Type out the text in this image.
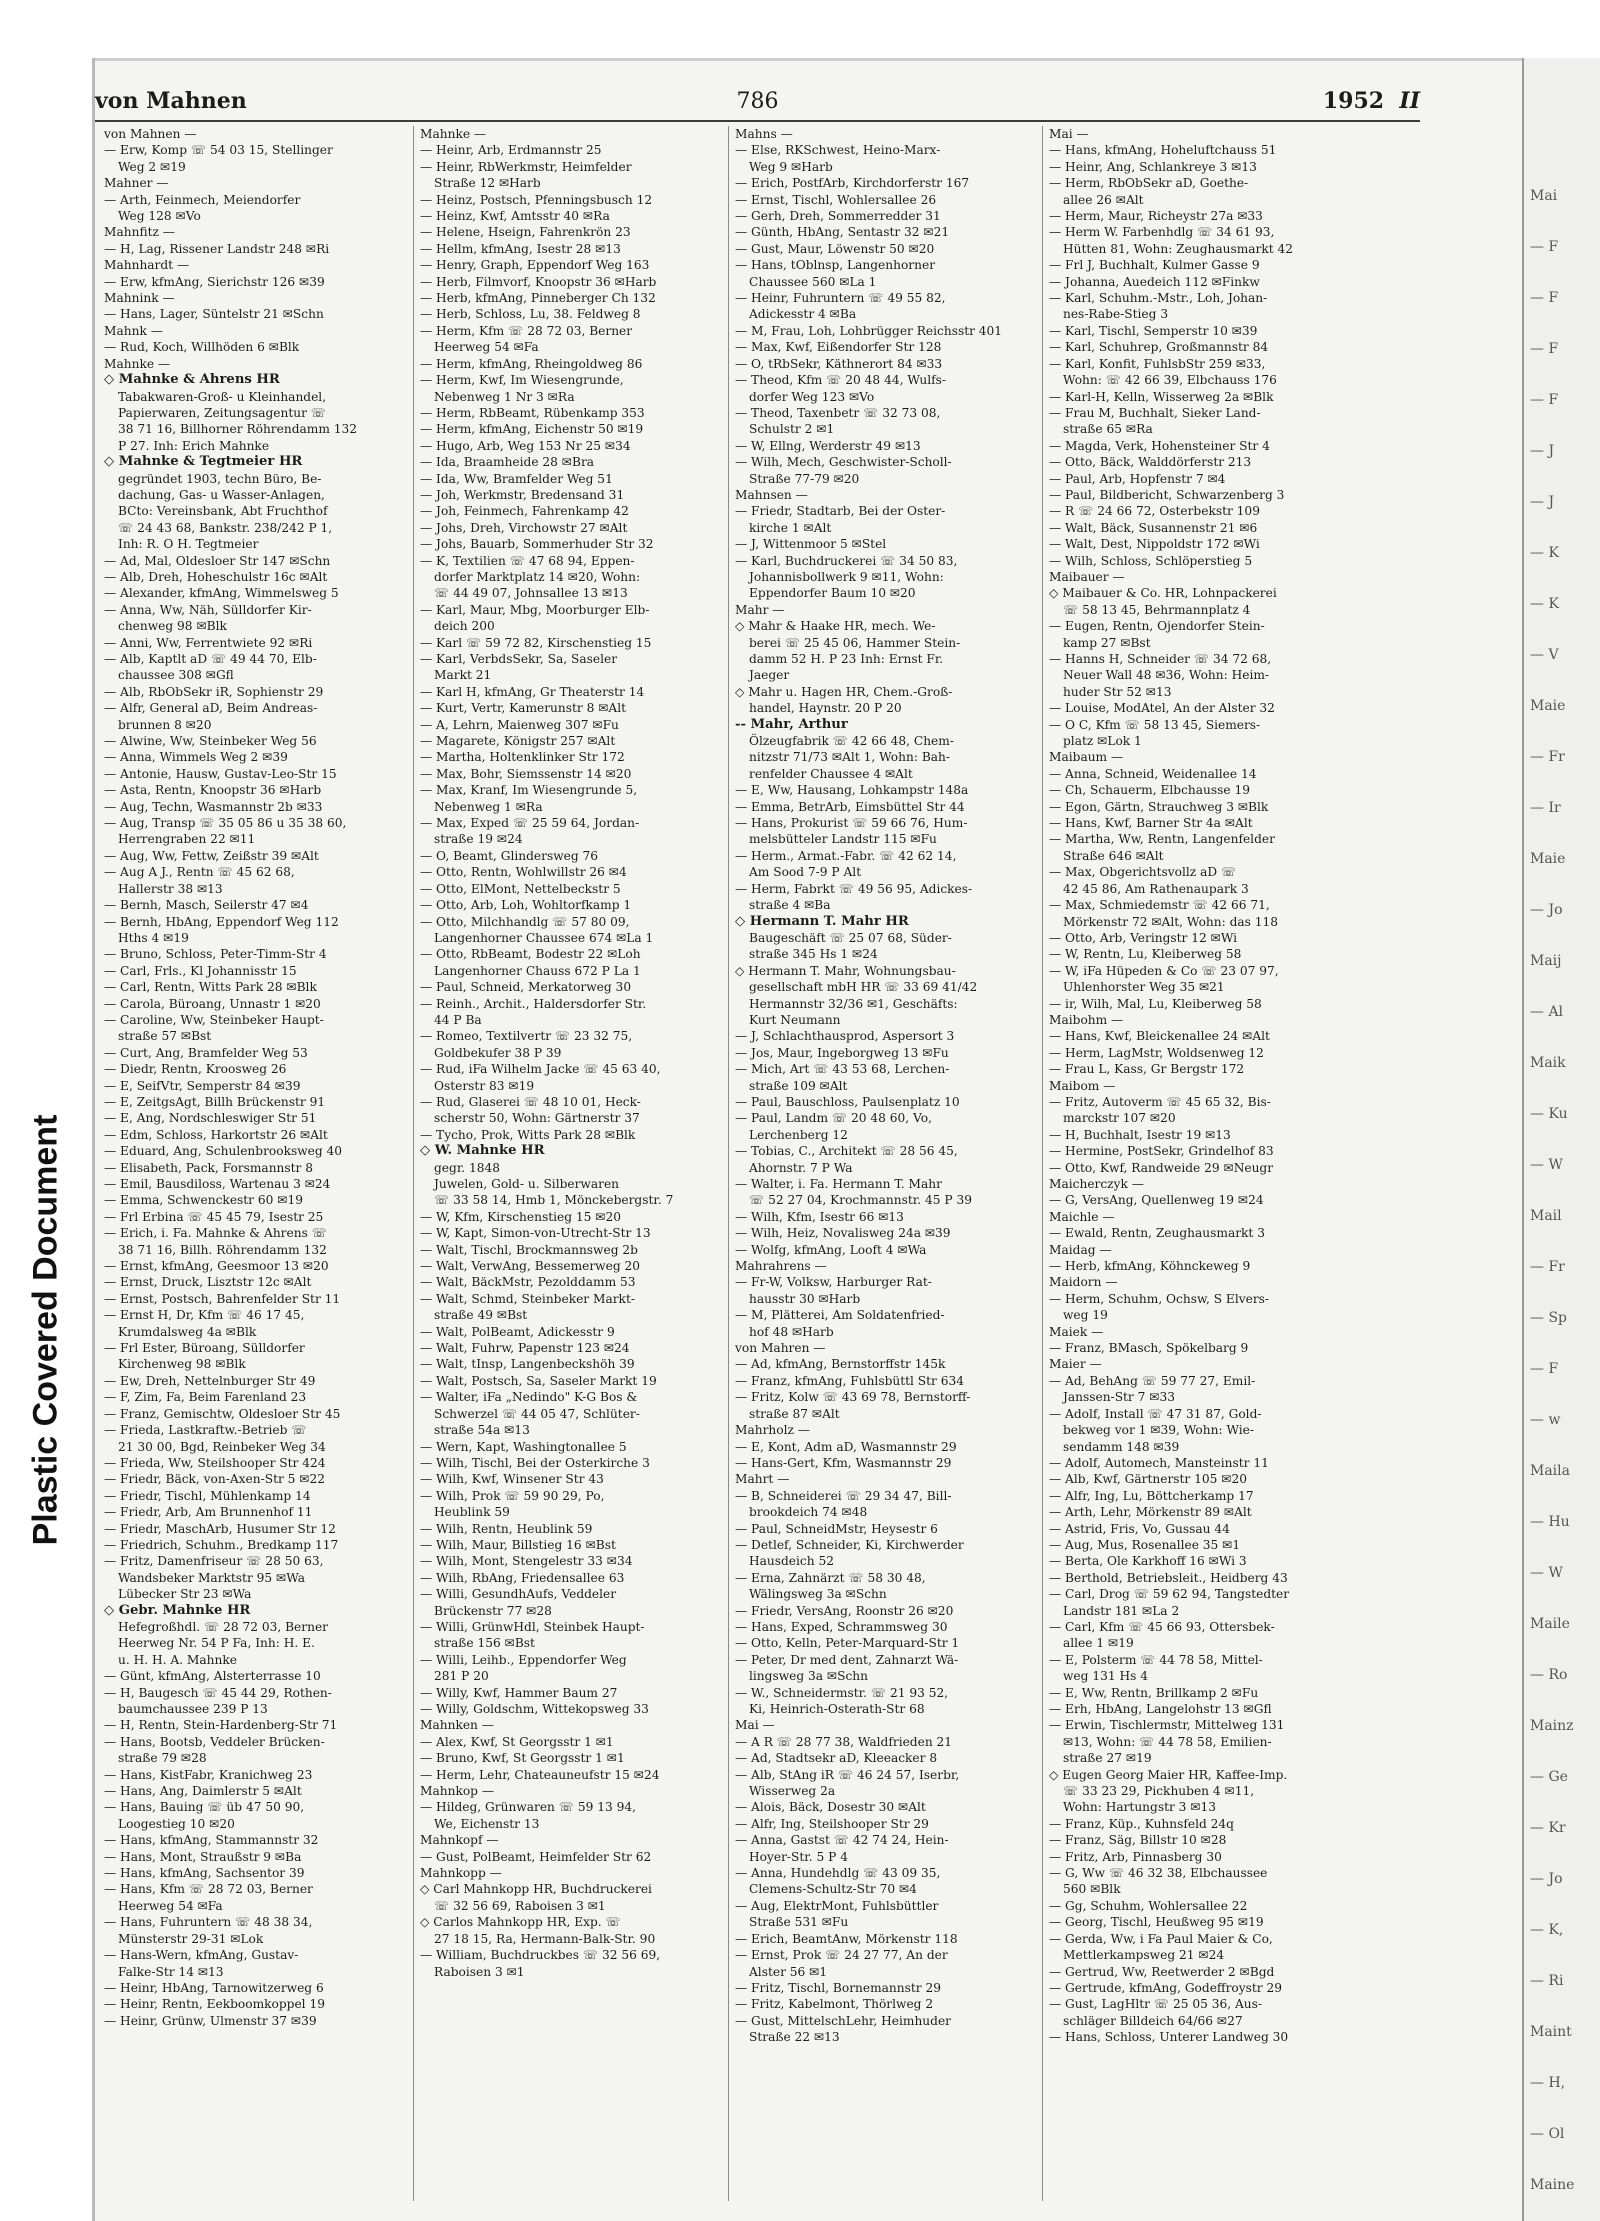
Plastic Covered Document
Mai
— F
— F
— F
— F
— J
— J
— K
— K
— V
Maie
— Fr
— Ir
Maie
— Jo
Maij
— Al
Maik
— Ku
— W
Mail
— Fr
— Sp
— F
— w
Maila
— Hu
— W
Maile
— Ro
Mainz
— Ge
— Kr
— Jo
— K,
— Ri
Maint
— H,
— Ol
Maine
von Mahnen	786	1952 II
von Mahnen —
— Erw, Komp ☏ 54 03 15, Stellinger
Weg 2 ✉19
Mahner —
— Arth, Feinmech, Meiendorfer
Weg 128 ✉Vo
Mahnfitz —
— H, Lag, Rissener Landstr 248 ✉Ri
Mahnhardt —
— Erw, kfmAng, Sierichstr 126 ✉39
Mahnink —
— Hans, Lager, Süntelstr 21 ✉Schn
Mahnk —
— Rud, Koch, Willhöden 6 ✉Blk
Mahnke —
◇ Mahnke & Ahrens HR
Tabakwaren-Groß- u Kleinhandel,
Papierwaren, Zeitungsagentur ☏
38 71 16, Billhorner Röhrendamm 132
P 27. Inh: Erich Mahnke
◇ Mahnke & Tegtmeier HR
gegründet 1903, techn Büro, Be-
dachung, Gas- u Wasser-Anlagen,
BCto: Vereinsbank, Abt Fruchthof
☏ 24 43 68, Bankstr. 238/242 P 1,
Inh: R. O H. Tegtmeier
— Ad, Mal, Oldesloer Str 147 ✉Schn
— Alb, Dreh, Hoheschulstr 16c ✉Alt
— Alexander, kfmAng, Wimmelsweg 5
— Anna, Ww, Näh, Sülldorfer Kir-
chenweg 98 ✉Blk
— Anni, Ww, Ferrentwiete 92 ✉Ri
— Alb, Kaptlt aD ☏ 49 44 70, Elb-
chaussee 308 ✉Gfl
— Alb, RbObSekr iR, Sophienstr 29
— Alfr, General aD, Beim Andreas-
brunnen 8 ✉20
— Alwine, Ww, Steinbeker Weg 56
— Anna, Wimmels Weg 2 ✉39
— Antonie, Hausw, Gustav-Leo-Str 15
— Asta, Rentn, Knoopstr 36 ✉Harb
— Aug, Techn, Wasmannstr 2b ✉33
— Aug, Transp ☏ 35 05 86 u 35 38 60,
Herrengraben 22 ✉11
— Aug, Ww, Fettw, Zeißstr 39 ✉Alt
— Aug A J., Rentn ☏ 45 62 68,
Hallerstr 38 ✉13
— Bernh, Masch, Seilerstr 47 ✉4
— Bernh, HbAng, Eppendorf Weg 112
Hths 4 ✉19
— Bruno, Schloss, Peter-Timm-Str 4
— Carl, Frls., Kl Johannisstr 15
— Carl, Rentn, Witts Park 28 ✉Blk
— Carola, Büroang, Unnastr 1 ✉20
— Caroline, Ww, Steinbeker Haupt-
straße 57 ✉Bst
— Curt, Ang, Bramfelder Weg 53
— Diedr, Rentn, Kroosweg 26
— E, SeifVtr, Semperstr 84 ✉39
— E, ZeitgsAgt, Billh Brückenstr 91
— E, Ang, Nordschleswiger Str 51
— Edm, Schloss, Harkortstr 26 ✉Alt
— Eduard, Ang, Schulenbrooksweg 40
— Elisabeth, Pack, Forsmannstr 8
— Emil, Bausdiloss, Wartenau 3 ✉24
— Emma, Schwenckestr 60 ✉19
— Frl Erbina ☏ 45 45 79, Isestr 25
— Erich, i. Fa. Mahnke & Ahrens ☏
38 71 16, Billh. Röhrendamm 132
— Ernst, kfmAng, Geesmoor 13 ✉20
— Ernst, Druck, Lisztstr 12c ✉Alt
— Ernst, Postsch, Bahrenfelder Str 11
— Ernst H, Dr, Kfm ☏ 46 17 45,
Krumdalsweg 4a ✉Blk
— Frl Ester, Büroang, Sülldorfer
Kirchenweg 98 ✉Blk
— Ew, Dreh, Nettelnburger Str 49
— F, Zim, Fa, Beim Farenland 23
— Franz, Gemischtw, Oldesloer Str 45
— Frieda, Lastkraftw.-Betrieb ☏
21 30 00, Bgd, Reinbeker Weg 34
— Frieda, Ww, Steilshooper Str 424
— Friedr, Bäck, von-Axen-Str 5 ✉22
— Friedr, Tischl, Mühlenkamp 14
— Friedr, Arb, Am Brunnenhof 11
— Friedr, MaschArb, Husumer Str 12
— Friedrich, Schuhm., Bredkamp 117
— Fritz, Damenfriseur ☏ 28 50 63,
Wandsbeker Marktstr 95 ✉Wa
Lübecker Str 23 ✉Wa
◇ Gebr. Mahnke HR
Hefegroßhdl. ☏ 28 72 03, Berner
Heerweg Nr. 54 P Fa, Inh: H. E.
u. H. H. A. Mahnke
— Günt, kfmAng, Alsterterrasse 10
— H, Baugesch ☏ 45 44 29, Rothen-
baumchaussee 239 P 13
— H, Rentn, Stein-Hardenberg-Str 71
— Hans, Bootsb, Veddeler Brücken-
straße 79 ✉28
— Hans, KistFabr, Kranichweg 23
— Hans, Ang, Daimlerstr 5 ✉Alt
— Hans, Bauing ☏ üb 47 50 90,
Loogestieg 10 ✉20
— Hans, kfmAng, Stammannstr 32
— Hans, Mont, Straußstr 9 ✉Ba
— Hans, kfmAng, Sachsentor 39
— Hans, Kfm ☏ 28 72 03, Berner
Heerweg 54 ✉Fa
— Hans, Fuhruntern ☏ 48 38 34,
Münsterstr 29-31 ✉Lok
— Hans-Wern, kfmAng, Gustav-
Falke-Str 14 ✉13
— Heinr, HbAng, Tarnowitzerweg 6
— Heinr, Rentn, Eekboomkoppel 19
— Heinr, Grünw, Ulmenstr 37 ✉39
Mahnke —
— Heinr, Arb, Erdmannstr 25
— Heinr, RbWerkmstr, Heimfelder
Straße 12 ✉Harb
— Heinz, Postsch, Pfenningsbusch 12
— Heinz, Kwf, Amtsstr 40 ✉Ra
— Helene, Hseign, Fahrenkrön 23
— Hellm, kfmAng, Isestr 28 ✉13
— Henry, Graph, Eppendorf Weg 163
— Herb, Filmvorf, Knoopstr 36 ✉Harb
— Herb, kfmAng, Pinneberger Ch 132
— Herb, Schloss, Lu, 38. Feldweg 8
— Herm, Kfm ☏ 28 72 03, Berner
Heerweg 54 ✉Fa
— Herm, kfmAng, Rheingoldweg 86
— Herm, Kwf, Im Wiesengrunde,
Nebenweg 1 Nr 3 ✉Ra
— Herm, RbBeamt, Rübenkamp 353
— Herm, kfmAng, Eichenstr 50 ✉19
— Hugo, Arb, Weg 153 Nr 25 ✉34
— Ida, Braamheide 28 ✉Bra
— Ida, Ww, Bramfelder Weg 51
— Joh, Werkmstr, Bredensand 31
— Joh, Feinmech, Fahrenkamp 42
— Johs, Dreh, Virchowstr 27 ✉Alt
— Johs, Bauarb, Sommerhuder Str 32
— K, Textilien ☏ 47 68 94, Eppen-
dorfer Marktplatz 14 ✉20, Wohn:
☏ 44 49 07, Johnsallee 13 ✉13
— Karl, Maur, Mbg, Moorburger Elb-
deich 200
— Karl ☏ 59 72 82, Kirschenstieg 15
— Karl, VerbdsSekr, Sa, Saseler
Markt 21
— Karl H, kfmAng, Gr Theaterstr 14
— Kurt, Vertr, Kamerunstr 8 ✉Alt
— A, Lehrn, Maienweg 307 ✉Fu
— Magarete, Königstr 257 ✉Alt
— Martha, Holtenklinker Str 172
— Max, Bohr, Siemssenstr 14 ✉20
— Max, Kranf, Im Wiesengrunde 5,
Nebenweg 1 ✉Ra
— Max, Exped ☏ 25 59 64, Jordan-
straße 19 ✉24
— O, Beamt, Glindersweg 76
— Otto, Rentn, Wohlwillstr 26 ✉4
— Otto, ElMont, Nettelbeckstr 5
— Otto, Arb, Loh, Wohltorfkamp 1
— Otto, Milchhandlg ☏ 57 80 09,
Langenhorner Chaussee 674 ✉La 1
— Otto, RbBeamt, Bodestr 22 ✉Loh
Langenhorner Chauss 672 P La 1
— Paul, Schneid, Merkatorweg 30
— Reinh., Archit., Haldersdorfer Str.
44 P Ba
— Romeo, Textilvertr ☏ 23 32 75,
Goldbekufer 38 P 39
— Rud, iFa Wilhelm Jacke ☏ 45 63 40,
Osterstr 83 ✉19
— Rud, Glaserei ☏ 48 10 01, Heck-
scherstr 50, Wohn: Gärtnerstr 37
— Tycho, Prok, Witts Park 28 ✉Blk
◇ W. Mahnke HR
gegr. 1848
Juwelen, Gold- u. Silberwaren
☏ 33 58 14, Hmb 1, Mönckebergstr. 7
— W, Kfm, Kirschenstieg 15 ✉20
— W, Kapt, Simon-von-Utrecht-Str 13
— Walt, Tischl, Brockmannsweg 2b
— Walt, VerwAng, Bessemerweg 20
— Walt, BäckMstr, Pezolddamm 53
— Walt, Schmd, Steinbeker Markt-
straße 49 ✉Bst
— Walt, PolBeamt, Adickesstr 9
— Walt, Fuhrw, Papenstr 123 ✉24
— Walt, tInsp, Langenbeckshöh 39
— Walt, Postsch, Sa, Saseler Markt 19
— Walter, iFa „Nedindo" K-G Bos &
Schwerzel ☏ 44 05 47, Schlüter-
straße 54a ✉13
— Wern, Kapt, Washingtonallee 5
— Wilh, Tischl, Bei der Osterkirche 3
— Wilh, Kwf, Winsener Str 43
— Wilh, Prok ☏ 59 90 29, Po,
Heublink 59
— Wilh, Rentn, Heublink 59
— Wilh, Maur, Billstieg 16 ✉Bst
— Wilh, Mont, Stengelestr 33 ✉34
— Wilh, RbAng, Friedensallee 63
— Willi, GesundhAufs, Veddeler
Brückenstr 77 ✉28
— Willi, GrünwHdl, Steinbek Haupt-
straße 156 ✉Bst
— Willi, Leihb., Eppendorfer Weg
281 P 20
— Willy, Kwf, Hammer Baum 27
— Willy, Goldschm, Wittekopsweg 33
Mahnken —
— Alex, Kwf, St Georgsstr 1 ✉1
— Bruno, Kwf, St Georgsstr 1 ✉1
— Herm, Lehr, Chateauneufstr 15 ✉24
Mahnkop —
— Hildeg, Grünwaren ☏ 59 13 94,
We, Eichenstr 13
Mahnkopf —
— Gust, PolBeamt, Heimfelder Str 62
Mahnkopp —
◇ Carl Mahnkopp HR, Buchdruckerei
☏ 32 56 69, Raboisen 3 ✉1
◇ Carlos Mahnkopp HR, Exp. ☏
27 18 15, Ra, Hermann-Balk-Str. 90
— William, Buchdruckbes ☏ 32 56 69,
Raboisen 3 ✉1
Mahns —
— Else, RKSchwest, Heino-Marx-
Weg 9 ✉Harb
— Erich, PostfArb, Kirchdorferstr 167
— Ernst, Tischl, Wohlersallee 26
— Gerh, Dreh, Sommerredder 31
— Günth, HbAng, Sentastr 32 ✉21
— Gust, Maur, Löwenstr 50 ✉20
— Hans, tOblnsp, Langenhorner
Chaussee 560 ✉La 1
— Heinr, Fuhruntern ☏ 49 55 82,
Adickesstr 4 ✉Ba
— M, Frau, Loh, Lohbrügger Reichsstr 401
— Max, Kwf, Eißendorfer Str 128
— O, tRbSekr, Käthnerort 84 ✉33
— Theod, Kfm ☏ 20 48 44, Wulfs-
dorfer Weg 123 ✉Vo
— Theod, Taxenbetr ☏ 32 73 08,
Schulstr 2 ✉1
— W, Ellng, Werderstr 49 ✉13
— Wilh, Mech, Geschwister-Scholl-
Straße 77-79 ✉20
Mahnsen —
— Friedr, Stadtarb, Bei der Oster-
kirche 1 ✉Alt
— J, Wittenmoor 5 ✉Stel
— Karl, Buchdruckerei ☏ 34 50 83,
Johannisbollwerk 9 ✉11, Wohn:
Eppendorfer Baum 10 ✉20
Mahr —
◇ Mahr & Haake HR, mech. We-
berei ☏ 25 45 06, Hammer Stein-
damm 52 H. P 23 Inh: Ernst Fr.
Jaeger
◇ Mahr u. Hagen HR, Chem.-Groß-
handel, Haynstr. 20 P 20
-- Mahr, Arthur
Ölzeugfabrik ☏ 42 66 48, Chem-
nitzstr 71/73 ✉Alt 1, Wohn: Bah-
renfelder Chaussee 4 ✉Alt
— E, Ww, Hausang, Lohkampstr 148a
— Emma, BetrArb, Eimsbüttel Str 44
— Hans, Prokurist ☏ 59 66 76, Hum-
melsbütteler Landstr 115 ✉Fu
— Herm., Armat.-Fabr. ☏ 42 62 14,
Am Sood 7-9 P Alt
— Herm, Fabrkt ☏ 49 56 95, Adickes-
straße 4 ✉Ba
◇ Hermann T. Mahr HR
Baugeschäft ☏ 25 07 68, Süder-
straße 345 Hs 1 ✉24
◇ Hermann T. Mahr, Wohnungsbau-
gesellschaft mbH HR ☏ 33 69 41/42
Hermannstr 32/36 ✉1, Geschäfts:
Kurt Neumann
— J, Schlachthausprod, Aspersort 3
— Jos, Maur, Ingeborgweg 13 ✉Fu
— Mich, Art ☏ 43 53 68, Lerchen-
straße 109 ✉Alt
— Paul, Bauschloss, Paulsenplatz 10
— Paul, Landm ☏ 20 48 60, Vo,
Lerchenberg 12
— Tobias, C., Architekt ☏ 28 56 45,
Ahornstr. 7 P Wa
— Walter, i. Fa. Hermann T. Mahr
☏ 52 27 04, Krochmannstr. 45 P 39
— Wilh, Kfm, Isestr 66 ✉13
— Wilh, Heiz, Novalisweg 24a ✉39
— Wolfg, kfmAng, Looft 4 ✉Wa
Mahrahrens —
— Fr-W, Volksw, Harburger Rat-
hausstr 30 ✉Harb
— M, Plätterei, Am Soldatenfried-
hof 48 ✉Harb
von Mahren —
— Ad, kfmAng, Bernstorffstr 145k
— Franz, kfmAng, Fuhlsbüttl Str 634
— Fritz, Kolw ☏ 43 69 78, Bernstorff-
straße 87 ✉Alt
Mahrholz —
— E, Kont, Adm aD, Wasmannstr 29
— Hans-Gert, Kfm, Wasmannstr 29
Mahrt —
— B, Schneiderei ☏ 29 34 47, Bill-
brookdeich 74 ✉48
— Paul, SchneidMstr, Heysestr 6
— Detlef, Schneider, Ki, Kirchwerder
Hausdeich 52
— Erna, Zahnärzt ☏ 58 30 48,
Wälingsweg 3a ✉Schn
— Friedr, VersAng, Roonstr 26 ✉20
— Hans, Exped, Schrammsweg 30
— Otto, Kelln, Peter-Marquard-Str 1
— Peter, Dr med dent, Zahnarzt Wä-
lingsweg 3a ✉Schn
— W., Schneidermstr. ☏ 21 93 52,
Ki, Heinrich-Osterath-Str 68
Mai —
— A R ☏ 28 77 38, Waldfrieden 21
— Ad, Stadtsekr aD, Kleeacker 8
— Alb, StAng iR ☏ 46 24 57, Iserbr,
Wisserweg 2a
— Alois, Bäck, Dosestr 30 ✉Alt
— Alfr, Ing, Steilshooper Str 29
— Anna, Gastst ☏ 42 74 24, Hein-
Hoyer-Str. 5 P 4
— Anna, Hundehdlg ☏ 43 09 35,
Clemens-Schultz-Str 70 ✉4
— Aug, ElektrMont, Fuhlsbüttler
Straße 531 ✉Fu
— Erich, BeamtAnw, Mörkenstr 118
— Ernst, Prok ☏ 24 27 77, An der
Alster 56 ✉1
— Fritz, Tischl, Bornemannstr 29
— Fritz, Kabelmont, Thörlweg 2
— Gust, MittelschLehr, Heimhuder
Straße 22 ✉13
Mai —
— Hans, kfmAng, Hoheluftchauss 51
— Heinr, Ang, Schlankreye 3 ✉13
— Herm, RbObSekr aD, Goethe-
allee 26 ✉Alt
— Herm, Maur, Richeystr 27a ✉33
— Herm W. Farbenhdlg ☏ 34 61 93,
Hütten 81, Wohn: Zeughausmarkt 42
— Frl J, Buchhalt, Kulmer Gasse 9
— Johanna, Auedeich 112 ✉Finkw
— Karl, Schuhm.-Mstr., Loh, Johan-
nes-Rabe-Stieg 3
— Karl, Tischl, Semperstr 10 ✉39
— Karl, Schuhrep, Großmannstr 84
— Karl, Konfit, FuhlsbStr 259 ✉33,
Wohn: ☏ 42 66 39, Elbchauss 176
— Karl-H, Kelln, Wisserweg 2a ✉Blk
— Frau M, Buchhalt, Sieker Land-
straße 65 ✉Ra
— Magda, Verk, Hohensteiner Str 4
— Otto, Bäck, Walddörferstr 213
— Paul, Arb, Hopfenstr 7 ✉4
— Paul, Bildbericht, Schwarzenberg 3
— R ☏ 24 66 72, Osterbekstr 109
— Walt, Bäck, Susannenstr 21 ✉6
— Walt, Dest, Nippoldstr 172 ✉Wi
— Wilh, Schloss, Schlöperstieg 5
Maibauer —
◇ Maibauer & Co. HR, Lohnpackerei
☏ 58 13 45, Behrmannplatz 4
— Eugen, Rentn, Ojendorfer Stein-
kamp 27 ✉Bst
— Hanns H, Schneider ☏ 34 72 68,
Neuer Wall 48 ✉36, Wohn: Heim-
huder Str 52 ✉13
— Louise, ModAtel, An der Alster 32
— O C, Kfm ☏ 58 13 45, Siemers-
platz ✉Lok 1
Maibaum —
— Anna, Schneid, Weidenallee 14
— Ch, Schauerm, Elbchausse 19
— Egon, Gärtn, Strauchweg 3 ✉Blk
— Hans, Kwf, Barner Str 4a ✉Alt
— Martha, Ww, Rentn, Langenfelder
Straße 646 ✉Alt
— Max, Obgerichtsvollz aD ☏
42 45 86, Am Rathenaupark 3
— Max, Schmiedemstr ☏ 42 66 71,
Mörkenstr 72 ✉Alt, Wohn: das 118
— Otto, Arb, Veringstr 12 ✉Wi
— W, Rentn, Lu, Kleiberweg 58
— W, iFa Hüpeden & Co ☏ 23 07 97,
Uhlenhorster Weg 35 ✉21
— ir, Wilh, Mal, Lu, Kleiberweg 58
Maibohm —
— Hans, Kwf, Bleickenallee 24 ✉Alt
— Herm, LagMstr, Woldsenweg 12
— Frau L, Kass, Gr Bergstr 172
Maibom —
— Fritz, Autoverm ☏ 45 65 32, Bis-
marckstr 107 ✉20
— H, Buchhalt, Isestr 19 ✉13
— Hermine, PostSekr, Grindelhof 83
— Otto, Kwf, Randweide 29 ✉Neugr
Maicherczyk —
— G, VersAng, Quellenweg 19 ✉24
Maichle —
— Ewald, Rentn, Zeughausmarkt 3
Maidag —
— Herb, kfmAng, Köhnckeweg 9
Maidorn —
— Herm, Schuhm, Ochsw, S Elvers-
weg 19
Maiek —
— Franz, BMasch, Spökelbarg 9
Maier —
— Ad, BehAng ☏ 59 77 27, Emil-
Janssen-Str 7 ✉33
— Adolf, Install ☏ 47 31 87, Gold-
bekweg vor 1 ✉39, Wohn: Wie-
sendamm 148 ✉39
— Adolf, Automech, Mansteinstr 11
— Alb, Kwf, Gärtnerstr 105 ✉20
— Alfr, Ing, Lu, Böttcherkamp 17
— Arth, Lehr, Mörkenstr 89 ✉Alt
— Astrid, Fris, Vo, Gussau 44
— Aug, Mus, Rosenallee 35 ✉1
— Berta, Ole Karkhoff 16 ✉Wi 3
— Berthold, Betriebsleit., Heidberg 43
— Carl, Drog ☏ 59 62 94, Tangstedter
Landstr 181 ✉La 2
— Carl, Kfm ☏ 45 66 93, Ottersbek-
allee 1 ✉19
— E, Polsterm ☏ 44 78 58, Mittel-
weg 131 Hs 4
— E, Ww, Rentn, Brillkamp 2 ✉Fu
— Erh, HbAng, Langelohstr 13 ✉Gfl
— Erwin, Tischlermstr, Mittelweg 131
✉13, Wohn: ☏ 44 78 58, Emilien-
straße 27 ✉19
◇ Eugen Georg Maier HR, Kaffee-Imp.
☏ 33 23 29, Pickhuben 4 ✉11,
Wohn: Hartungstr 3 ✉13
— Franz, Küp., Kuhnsfeld 24q
— Franz, Säg, Billstr 10 ✉28
— Fritz, Arb, Pinnasberg 30
— G, Ww ☏ 46 32 38, Elbchaussee
560 ✉Blk
— Gg, Schuhm, Wohlersallee 22
— Georg, Tischl, Heußweg 95 ✉19
— Gerda, Ww, i Fa Paul Maier & Co,
Mettlerkampsweg 21 ✉24
— Gertrud, Ww, Reetwerder 2 ✉Bgd
— Gertrude, kfmAng, Godeffroystr 29
— Gust, LagHltr ☏ 25 05 36, Aus-
schläger Billdeich 64/66 ✉27
— Hans, Schloss, Unterer Landweg 30
